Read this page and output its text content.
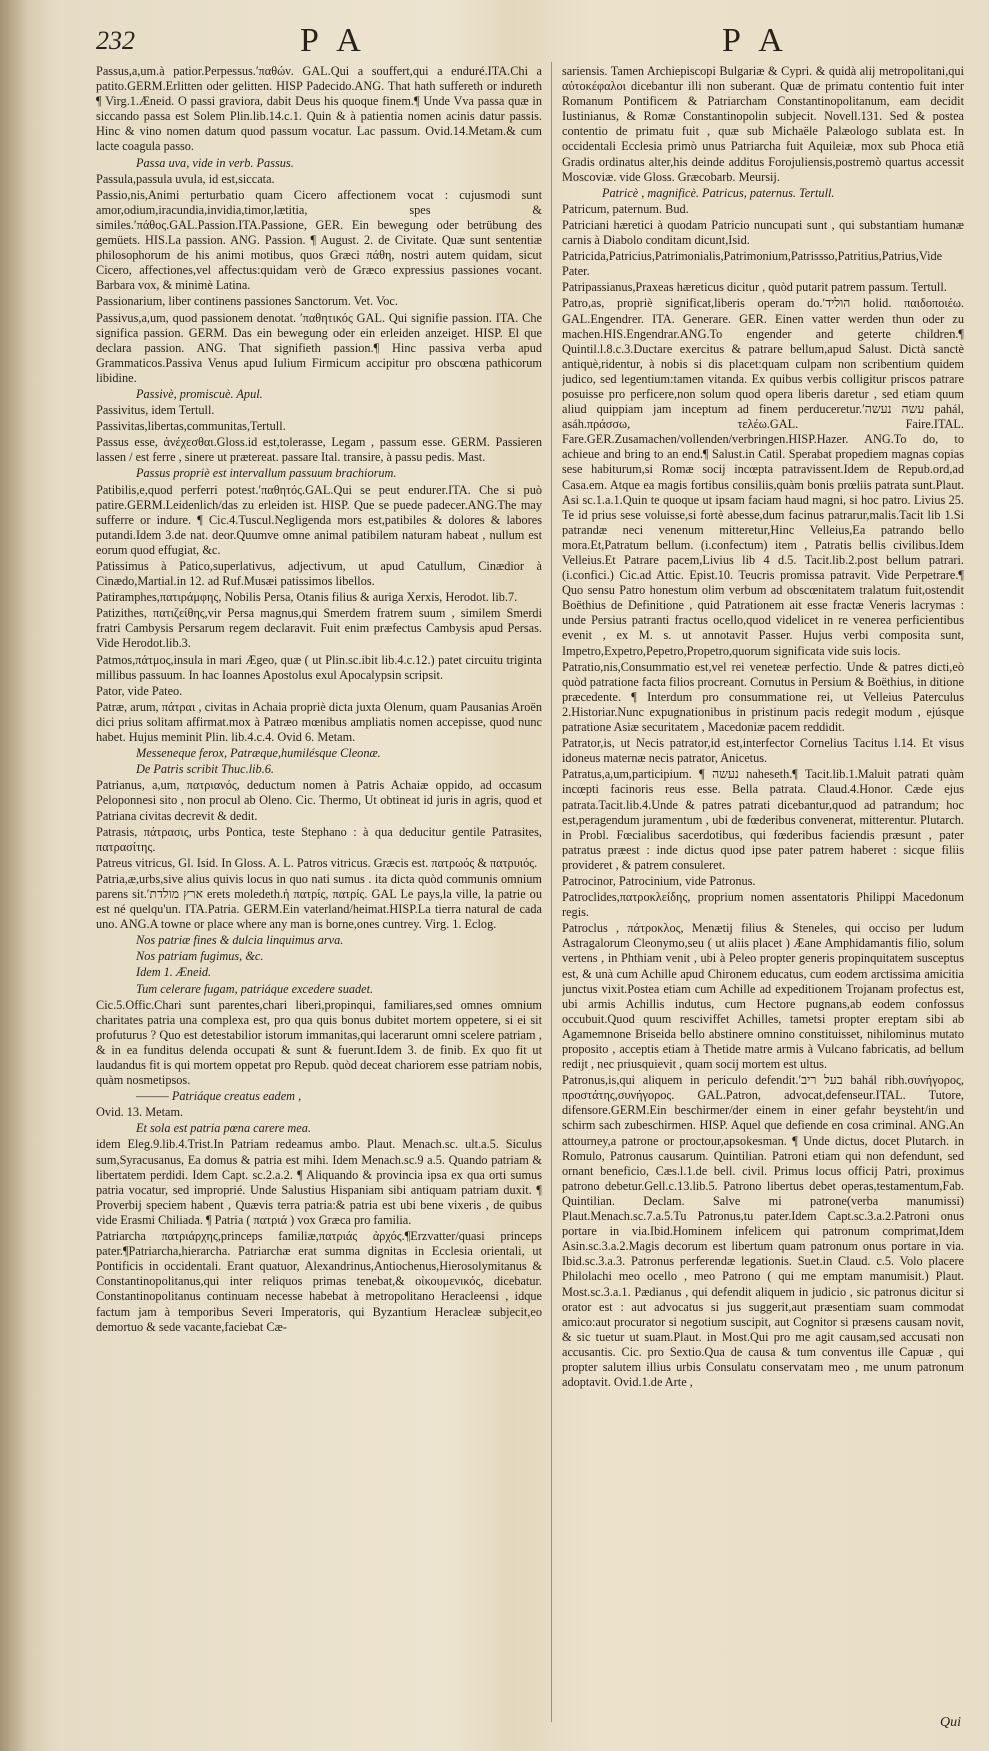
232	P A	P A

Passus,a,um.à patior.Perpessus.ʹπαθών. GAL.Qui a souffert,qui a enduré.ITA.Chi a patito.GERM.Erlitten oder gelitten. HISP Padecido.ANG. That hath suffereth or indureth ¶ Virg.1.Æneid. O passi graviora, dabit Deus his quoque finem.¶ Unde Vva passa quæ in siccando passa est Solem Plin.lib.14.c.1. Quin & à patientia nomen acinis datur passis. Hinc & vino nomen datum quod passum vocatur. Lac passum. Ovid.14.Metam.& cum lacte coagula passo.

Passa uva, vide in verb. Passus.

Passula,passula uvula, id est,siccata.

Passio,nis,Animi perturbatio quam Cicero affectionem vocat : cujusmodi sunt amor,odium,iracundia,invidia,timor,lætitia, spes & similes.ʹπάθος.GAL.Passion.ITA.Passione, GER. Ein bewegung oder betrübung des gemüets. HIS.La passion. ANG. Passion. ¶ August. 2. de Civitate. Quæ sunt sententiæ philosophorum de his animi motibus, quos Græci πάθη, nostri autem quidam, sicut Cicero, affectiones,vel affectus:quidam verò de Græco expressius passiones vocant. Barbara vox, & minimè Latina.

Passionarium, liber continens passiones Sanctorum. Vet. Voc.

Passivus,a,um, quod passionem denotat. ʹπαθητικός GAL. Qui signifie passion. ITA. Che significa passion. GERM. Das ein bewegung oder ein erleiden anzeiget. HISP. El que declara passion. ANG. That signifieth passion.¶ Hinc passiva verba apud Grammaticos.Passiva Venus apud Iulium Firmicum accipitur pro obscœna pathicorum libidine.

Passivè, promiscuè. Apul.

Passivitus, idem Tertull.

Passivitas,libertas,communitas,Tertull.

Passus esse, ἀνέχεσθαι.Gloss.id est,tolerasse, Legam , passum esse. GERM. Passieren lassen / est ferre , sinere ut prætereat. passare Ital. transire, à passu pedis. Mast.

Passus propriè est intervallum passuum brachiorum.

Patibilis,e,quod perferri potest.ʹπαθητός.GAL.Qui se peut endurer.ITA. Che si può patire.GERM.Leidenlich/das zu erleiden ist. HISP. Que se puede padecer.ANG.The may sufferre or indure. ¶ Cic.4.Tuscul.Negligenda mors est,patibiles & dolores & labores putandi.Idem 3.de nat. deor.Quumve omne animal patibilem naturam habeat , nullum est eorum quod effugiat, &c.

Patissimus à Patico,superlativus, adjectivum, ut apud Catullum, Cinædior à Cinædo,Martial.in 12. ad Ruf.Musæi patissimos libellos.

Patiramphes,πατιράμφης, Nobilis Persa, Otanis filius & auriga Xerxis, Herodot. lib.7.

Patizithes, πατιζείθης,vir Persa magnus,qui Smerdem fratrem suum , similem Smerdi fratri Cambysis Persarum regem declaravit. Fuit enim præfectus Cambysis apud Persas. Vide Herodot.lib.3.

Patmos,πάτμος,insula in mari Ægeo, quæ ( ut Plin.sc.ibit lib.4.c.12.) patet circuitu triginta millibus passuum. In hac Ioannes Apostolus exul Apocalypsin scripsit.

Pator, vide Pateo.

Patræ, arum, πάτραι , civitas in Achaia propriè dicta juxta Olenum, quam Pausanias Aroën dici prius solitam affirmat.mox à Patræo mœnibus ampliatis nomen accepisse, quod nunc habet. Hujus meminit Plin. lib.4.c.4. Ovid 6. Metam.

Messeneque ferox, Patræque,humilésque Cleonæ.

De Patris scribit Thuc.lib.6.

Patrianus, a,um, πατριανός, deductum nomen à Patris Achaiæ oppido, ad occasum Peloponnesi sito , non procul ab Oleno. Cic. Thermo, Ut obtineat id juris in agris, quod et Patriana civitas decrevit & dedit.

Patrasis, πάτρασις, urbs Pontica, teste Stephano : à qua deducitur gentile Patrasites, πατρασίτης.

Patreus vitricus, Gl. Isid. In Gloss. A. L. Patros vitricus. Græcis est. πατρωός & πατρυιός.

Patria,æ,urbs,sive alius quivis locus in quo nati sumus . ita dicta quòd communis omnium parens sit.ʹארץ מולדת erets moledeth.ἡ πατρίς, πατρίς. GAL Le pays,la ville, la patrie ou est né quelqu'un. ITA.Patria. GERM.Ein vaterland/heimat.HISP.La tierra natural de cada uno. ANG.A towne or place where any man is borne,ones cuntrey. Virg. 1. Eclog.

Nos patriæ fines & dulcia linquimus arva.

Nos patriam fugimus, &c.

Idem 1. Æneid.

Tum celerare fugam, patriáque excedere suadet.

Cic.5.Offic.Chari sunt parentes,chari liberi,propinqui, familiares,sed omnes omnium charitates patria una complexa est, pro qua quis bonus dubitet mortem oppetere, si ei sit profuturus ? Quo est detestabilior istorum immanitas,qui lacerarunt omni scelere patriam , & in ea funditus delenda occupati & sunt & fuerunt.Idem 3. de finib. Ex quo fit ut laudandus fit is qui mortem oppetat pro Repub. quòd deceat chariorem esse patriam nobis, quàm nosmetipsos.

——— Patriáque creatus eadem ,

Ovid. 13. Metam.

Et sola est patria pœna carere mea.

idem Eleg.9.lib.4.Trist.In Patriam redeamus ambo. Plaut. Menach.sc. ult.a.5. Siculus sum,Syracusanus, Ea domus & patria est mihi. Idem Menach.sc.9 a.5. Quando patriam & libertatem perdidi. Idem Capt. sc.2.a.2. ¶ Aliquando & provincia ipsa ex qua orti sumus patria vocatur, sed improprié. Unde Salustius Hispaniam sibi antiquam patriam duxit. ¶ Proverbij speciem habent , Quævis terra patria:& patria est ubi bene vixeris , de quibus vide Erasmi Chiliada. ¶ Patria ( πατριά ) vox Græca pro familia.

Patriarcha πατριάρχης,princeps familiæ,πατριάς ἀρχός.¶Erzvatter/quasi princeps pater.¶Patriarcha,hierarcha. Patriarchæ erat summa dignitas in Ecclesia orientali, ut Pontificis in occidentali. Erant quatuor, Alexandrinus,Antiochenus,Hierosolymitanus & Constantinopolitanus,qui inter reliquos primas tenebat,& οἰκουμενικός, dicebatur. Constantinopolitanus continuam necesse habebat à metropolitano Heracleensi , idque factum jam à temporibus Severi Imperatoris, qui Byzantium Heracleæ subjecit,eo demortuo & sede vacante,faciebat Cæ-

sariensis. Tamen Archiepiscopi Bulgariæ & Cypri. & quidà alij metropolitani,qui αὐτοκέφαλοι dicebantur illi non suberant. Quæ de primatu contentio fuit inter Romanum Pontificem & Patriarcham Constantinopolitanum, eam decidit Iustinianus, & Romæ Constantinopolin subjecit. Novell.131. Sed & postea contentio de primatu fuit , quæ sub Michaële Palæologo sublata est. In occidentali Ecclesia primò unus Patriarcha fuit Aquileiæ, mox sub Phoca etiã Gradis ordinatus alter,his deinde additus Forojuliensis,postremò quartus accessit Moscoviæ. vide Gloss. Græcobarb. Meursij.

Patricè , magnificè. Patricus, paternus. Tertull.

Patricum, paternum. Bud.

Patriciani hæretici à quodam Patricio nuncupati sunt , qui substantiam humanæ carnis à Diabolo conditam dicunt,Isid.

Patricida,Patricius,Patrimonialis,Patrimonium,Patrissso,Patritius,Patrius,Vide Pater.

Patripassianus,Praxeas hæreticus dicitur , quòd putarit patrem passum. Tertull.

Patro,as, propriè significat,liberis operam do.ʹהוליד holid. παιδοποιέω. GAL.Engendrer. ITA. Generare. GER. Einen vatter werden thun oder zu machen.HIS.Engendrar.ANG.To engender and geterte children.¶ Quintil.l.8.c.3.Ductare exercitus & patrare bellum,apud Salust. Dictà sanctè antiquè,ridentur, à nobis si dis placet:quam culpam non scribentium quidem judico, sed legentium:tamen vitanda. Ex quibus verbis colligitur priscos patrare posuisse pro perficere,non solum quod opera liberis daretur , sed etiam quum aliud quippiam jam inceptum ad finem perduceretur.ʹעשה נעשה pahál, asáh.πράσσω, τελέω.GAL. Faire.ITAL. Fare.GER.Zusamachen/vollenden/verbringen.HISP.Hazer. ANG.To do, to achieue and bring to an end.¶ Salust.in Catil. Sperabat propediem magnas copias sese habiturum,si Romæ socij incœpta patravissent.Idem de Repub.ord,ad Casa.em. Atque ea magis fortibus consiliis,quàm bonis prœliis patrata sunt.Plaut. Asi sc.1.a.1.Quin te quoque ut ipsam faciam haud magni, si hoc patro. Livius 25. Te id prius sese voluisse,si fortè abesse,dum facinus patrarur,malis.Tacit lib 1.Si patrandæ neci venenum mitteretur,Hinc Velleius,Ea patrando bello mora.Et,Patratum bellum. (i.confectum) item , Patratis bellis civilibus.Idem Velleius.Et Patrare pacem,Livius lib 4 d.5. Tacit.lib.2.post bellum patrari.(i.confici.) Cic.ad Attic. Epist.10. Teucris promissa patravit. Vide Perpetrare.¶ Quo sensu Patro honestum olim verbum ad obscœnitatem tralatum fuit,ostendit Boëthius de Definitione , quid Patrationem ait esse fractæ Veneris lacrymas : unde Persius patranti fractus ocello,quod videlicet in re venerea perficientibus evenit , ex M. s. ut annotavit Passer. Hujus verbi composita sunt, Impetro,Expetro,Pepetro,Propetro,quorum significata vide suis locis.

Patratio,nis,Consummatio est,vel rei veneteæ perfectio. Unde & patres dicti,eò quòd patratione facta filios procreant. Cornutus in Persium & Boëthius, in ditione præcedente. ¶ Interdum pro consummatione rei, ut Velleius Paterculus 2.Historiar.Nunc expugnationibus in pristinum pacis redegit modum , ejúsque patratione Asiæ securitatem , Macedoniæ pacem reddidit.

Patrator,is, ut Necis patrator,id est,interfector Cornelius Tacitus l.14. Et visus idoneus maternæ necis patrator, Anicetus.

Patratus,a,um,participium. ¶ נעשה naheseth.¶ Tacit.lib.1.Maluit patrati quàm incœpti facinoris reus esse. Bella patrata. Claud.4.Honor. Cæde ejus patrata.Tacit.lib.4.Unde & patres patrati dicebantur,quod ad patrandum; hoc est,peragendum juramentum , ubi de fœderibus convenerat, mitterentur. Plutarch. in Probl. Fœcialibus sacerdotibus, qui fœderibus faciendis præsunt , pater patratus præest : inde dictus quod ipse pater patrem haberet : sicque filiis provideret , & patrem consuleret.

Patrocinor, Patrocinium, vide Patronus.

Patroclides,πατροκλείδης, proprium nomen assentatoris Philippi Macedonum regis.

Patroclus , πάτροκλος, Menætij filius & Steneles, qui occiso per ludum Astragalorum Cleonymo,seu ( ut aliis placet ) Æane Amphidamantis filio, solum vertens , in Phthiam venit , ubi à Peleo propter generis propinquitatem susceptus est, & unà cum Achille apud Chironem educatus, cum eodem arctissima amicitia junctus vixit.Postea etiam cum Achille ad expeditionem Trojanam profectus est, ubi armis Achillis indutus, cum Hectore pugnans,ab eodem confossus occubuit.Quod quum resciviffet Achilles, tametsi propter ereptam sibi ab Agamemnone Briseida bello abstinere omnino constituisset, nihilominus mutato proposito , acceptis etiam à Thetide matre armis à Vulcano fabricatis, ad bellum redijt , nec priusquievit , quam socij mortem est ultus.

Patronus,is,qui aliquem in periculo defendit.ʹבעל ריב bahál ribh.συνήγορος, προστάτης,συνήγορος. GAL.Patron, advocat,defenseur.ITAL. Tutore, difensore.GERM.Ein beschirmer/der einem in einer gefahr beysteht/in und schirm sach zubeschirmen. HISP. Aquel que defiende en cosa criminal. ANG.An attourney,a patrone or proctour,apsokesman. ¶ Unde dictus, docet Plutarch. in Romulo, Patronus causarum. Quintilian. Patroni etiam qui non defendunt, sed ornant beneficio, Cæs.l.1.de bell. civil. Primus locus officij Patri, proximus patrono debetur.Gell.c.13.lib.5. Patrono libertus debet operas,testamentum,Fab. Quintilian. Declam. Salve mi patrone(verba manumissi) Plaut.Menach.sc.7.a.5.Tu Patronus,tu pater.Idem Capt.sc.3.a.2.Patroni onus portare in via.Ibid.Hominem infelicem qui patronum comprimat,Idem Asin.sc.3.a.2.Magis decorum est libertum quam patronum onus portare in via. Ibid.sc.3.a.3. Patronus perferendæ legationis. Suet.in Claud. c.5. Volo placere Philolachi meo ocello , meo Patrono ( qui me emptam manumisit.) Plaut. Most.sc.3.a.1. Pædianus , qui defendit aliquem in judicio , sic patronus dicitur si orator est : aut advocatus si jus suggerit,aut præsentiam suam commodat amico:aut procurator si negotium suscipit, aut Cognitor si præsens causam novit, & sic tuetur ut suam.Plaut. in Most.Qui pro me agit causam,sed accusati non accusantis. Cic. pro Sextio.Qua de causa & tum conventus ille Capuæ , qui propter salutem illius urbis Consulatu conservatam meo , me unum patronum adoptavit. Ovid.1.de Arte ,

Qui
